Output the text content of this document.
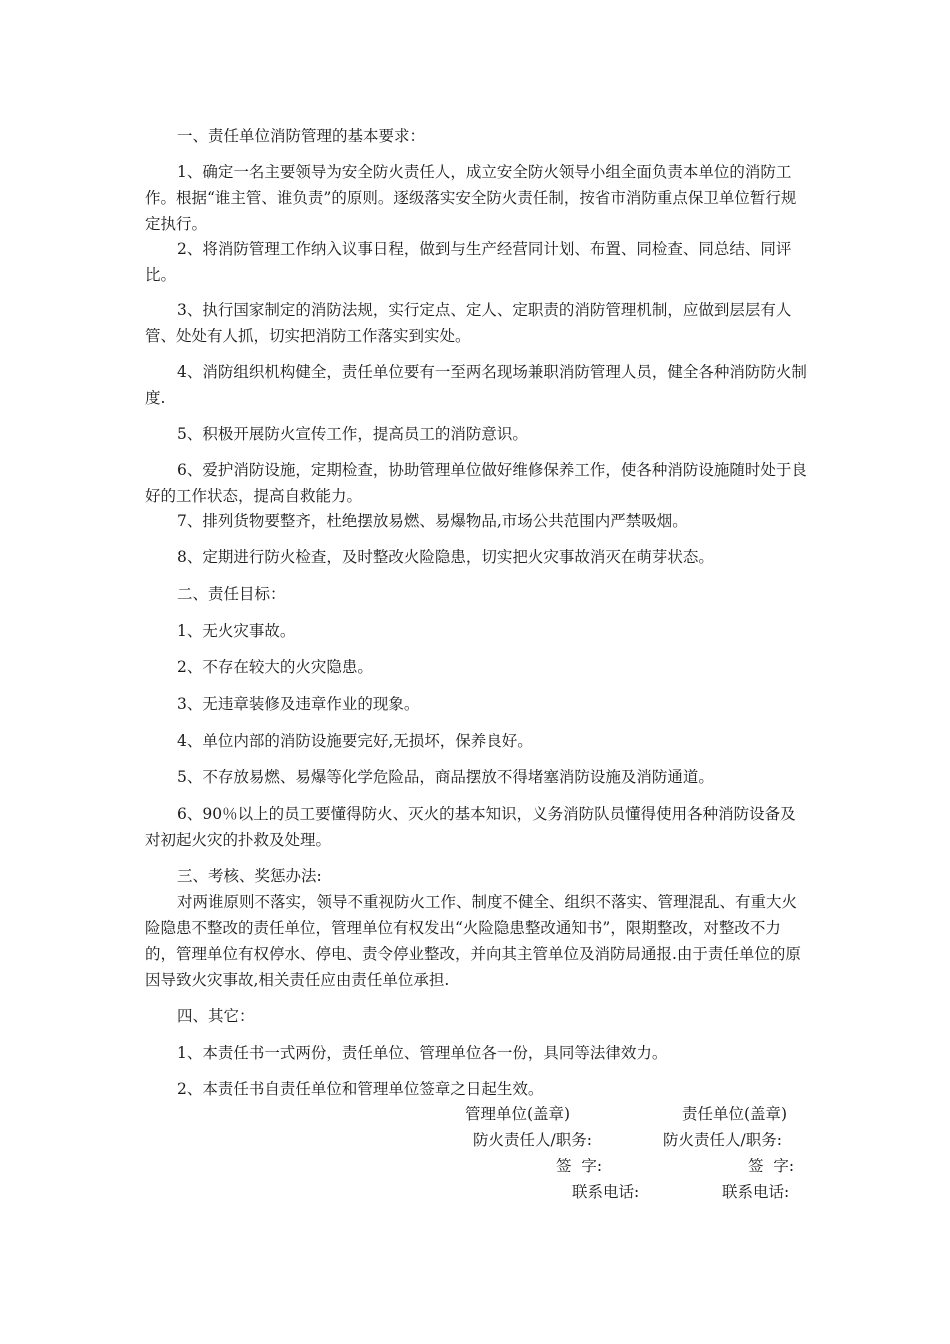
一、责任单位消防管理的基本要求：

1、确定一名主要领导为安全防火责任人，成立安全防火领导小组全面负责本单位的消防工作。根据“谁主管、谁负责”的原则。逐级落实安全防火责任制，按省市消防重点保卫单位暂行规定执行。

2、将消防管理工作纳入议事日程，做到与生产经营同计划、布置、同检查、同总结、同评比。

3、执行国家制定的消防法规，实行定点、定人、定职责的消防管理机制，应做到层层有人管、处处有人抓，切实把消防工作落实到实处。

4、消防组织机构健全，责任单位要有一至两名现场兼职消防管理人员，健全各种消防防火制度.

5、积极开展防火宣传工作，提高员工的消防意识。

6、爱护消防设施，定期检查，协助管理单位做好维修保养工作，使各种消防设施随时处于良好的工作状态，提高自救能力。

7、排列货物要整齐，杜绝摆放易燃、易爆物品,市场公共范围内严禁吸烟。

8、定期进行防火检查，及时整改火险隐患，切实把火灾事故消灭在萌芽状态。

二、责任目标：

1、无火灾事故。

2、不存在较大的火灾隐患。

3、无违章装修及违章作业的现象。

4、单位内部的消防设施要完好,无损坏，保养良好。

5、不存放易燃、易爆等化学危险品，商品摆放不得堵塞消防设施及消防通道。

6、90％以上的员工要懂得防火、灭火的基本知识，义务消防队员懂得使用各种消防设备及对初起火灾的扑救及处理。

三、考核、奖惩办法:

对两谁原则不落实，领导不重视防火工作、制度不健全、组织不落实、管理混乱、有重大火险隐患不整改的责任单位，管理单位有权发出“火险隐患整改通知书”，限期整改，对整改不力的，管理单位有权停水、停电、责令停业整改，并向其主管单位及消防局通报.由于责任单位的原因导致火灾事故,相关责任应由责任单位承担.

四、其它：

1、本责任书一式两份，责任单位、管理单位各一份，具同等法律效力。

2、本责任书自责任单位和管理单位签章之日起生效。

管理单位(盖章)	责任单位(盖章)
防火责任人/职务:	防火责任人/职务:
签  字:	签  字:
联系电话:	联系电话:
